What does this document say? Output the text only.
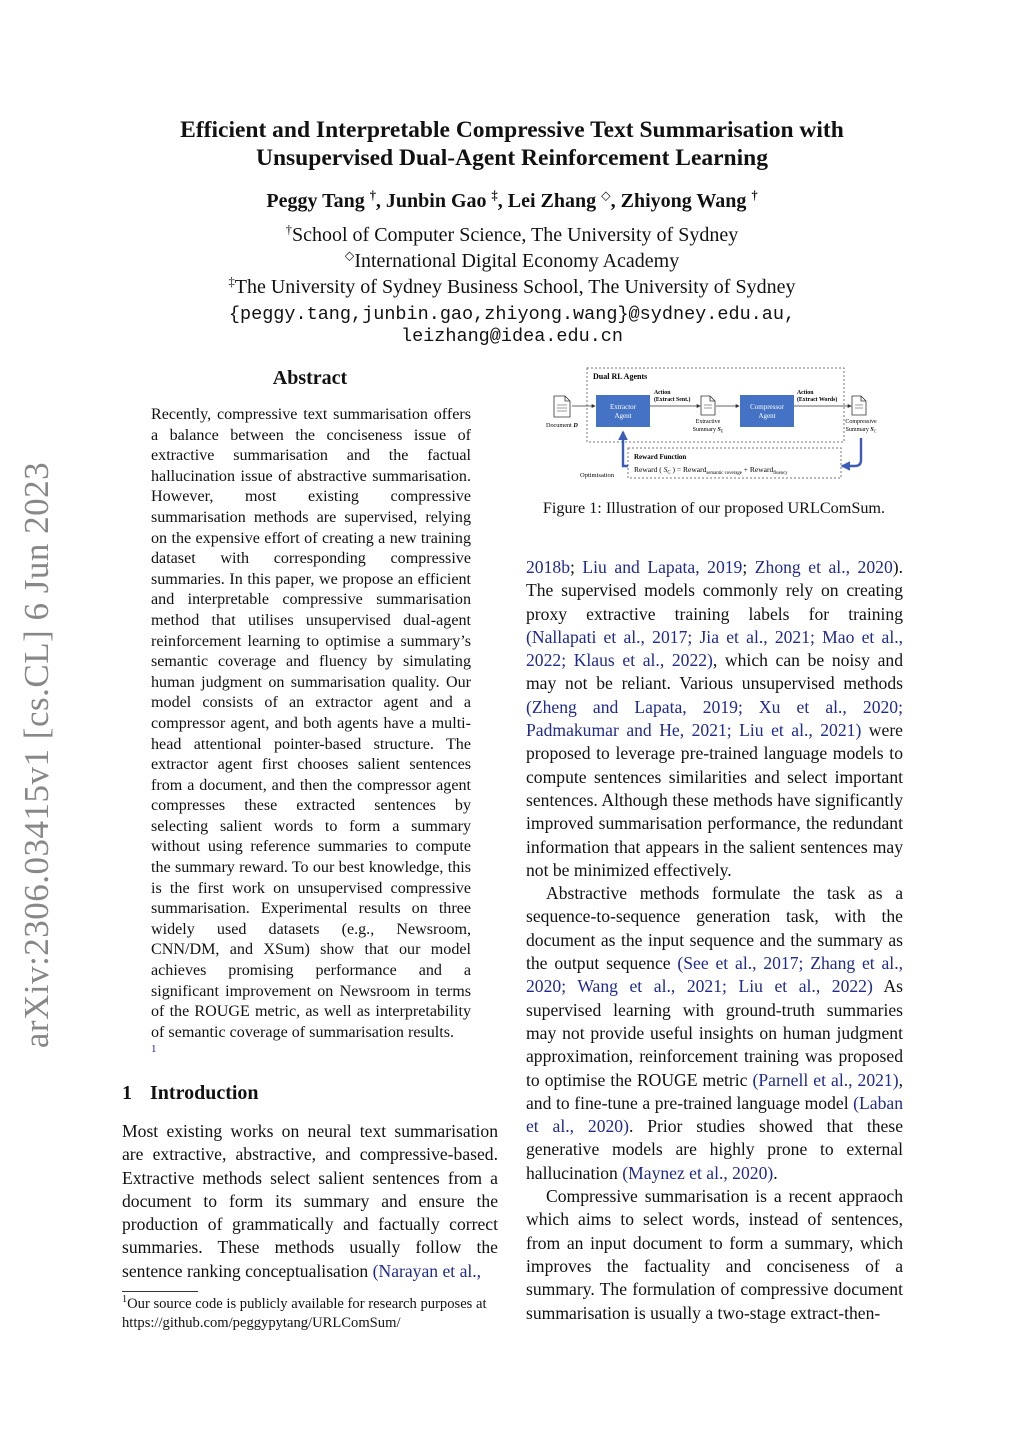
arXiv:2306.03415v1 [cs.CL] 6 Jun 2023
Efficient and Interpretable Compressive Text Summarisation with
Unsupervised Dual-Agent Reinforcement Learning
Peggy Tang †, Junbin Gao ‡, Lei Zhang ◇, Zhiyong Wang †
†School of Computer Science, The University of Sydney
◇International Digital Economy Academy
‡The University of Sydney Business School, The University of Sydney
{peggy.tang,junbin.gao,zhiyong.wang}@sydney.edu.au,
leizhang@idea.edu.cn
Abstract
Recently, compressive text summarisation offers a balance between the conciseness issue of extractive summarisation and the factual hallucination issue of abstractive summarisation. However, most existing compressive summarisation methods are supervised, relying on the expensive effort of creating a new training dataset with corresponding compressive summaries. In this paper, we propose an efficient and interpretable compressive summarisation method that utilises unsupervised dual-agent reinforcement learning to optimise a summary’s semantic coverage and fluency by simulating human judgment on summarisation quality. Our model consists of an extractor agent and a compressor agent, and both agents have a multi-head attentional pointer-based structure. The extractor agent first chooses salient sentences from a document, and then the compressor agent compresses these extracted sentences by selecting salient words to form a summary without using reference summaries to compute the summary reward. To our best knowledge, this is the first work on unsupervised compressive summarisation. Experimental results on three widely used datasets (e.g., Newsroom, CNN/DM, and XSum) show that our model achieves promising performance and a significant improvement on Newsroom in terms of the ROUGE metric, as well as interpretability of semantic coverage of summarisation results.
1
1 Introduction
Most existing works on neural text summarisation are extractive, abstractive, and compressive-based. Extractive methods select salient sentences from a document to form its summary and ensure the production of grammatically and factually correct summaries. These methods usually follow the sentence ranking conceptualisation (Narayan et al.,
$^1$Our source code is publicly available for research purposes at https://github.com/peggypytang/URLComSum/
Dual RL Agents
Document D
Extractor
Agent
Action
(Extract Sent.)
Extractive
Summary $S_E$
Compressor
Agent
Action
(Extract Words)
Compressive
Summary $S_C$
Reward Function
Reward ( $S_C$ ) = Reward$_{semantic coverage}$ + Reward$_{fluency}$
Optimisation
Figure 1: Illustration of our proposed URLComSum.

2018b; Liu and Lapata, 2019; Zhong et al., 2020). The supervised models commonly rely on creating proxy extractive training labels for training (Nallapati et al., 2017; Jia et al., 2021; Mao et al., 2022; Klaus et al., 2022), which can be noisy and may not be reliant. Various unsupervised methods (Zheng and Lapata, 2019; Xu et al., 2020; Padmakumar and He, 2021; Liu et al., 2021) were proposed to leverage pre-trained language models to compute sentences similarities and select important sentences. Although these methods have significantly improved summarisation performance, the redundant information that appears in the salient sentences may not be minimized effectively.

Abstractive methods formulate the task as a sequence-to-sequence generation task, with the document as the input sequence and the summary as the output sequence (See et al., 2017; Zhang et al., 2020; Wang et al., 2021; Liu et al., 2022) As supervised learning with ground-truth summaries may not provide useful insights on human judgment approximation, reinforcement training was proposed to optimise the ROUGE metric (Parnell et al., 2021), and to fine-tune a pre-trained language model (Laban et al., 2020). Prior studies showed that these generative models are highly prone to external hallucination (Maynez et al., 2020).

Compressive summarisation is a recent appraoch which aims to select words, instead of sentences, from an input document to form a summary, which improves the factuality and conciseness of a summary. The formulation of compressive document summarisation is usually a two-stage extract-then-
